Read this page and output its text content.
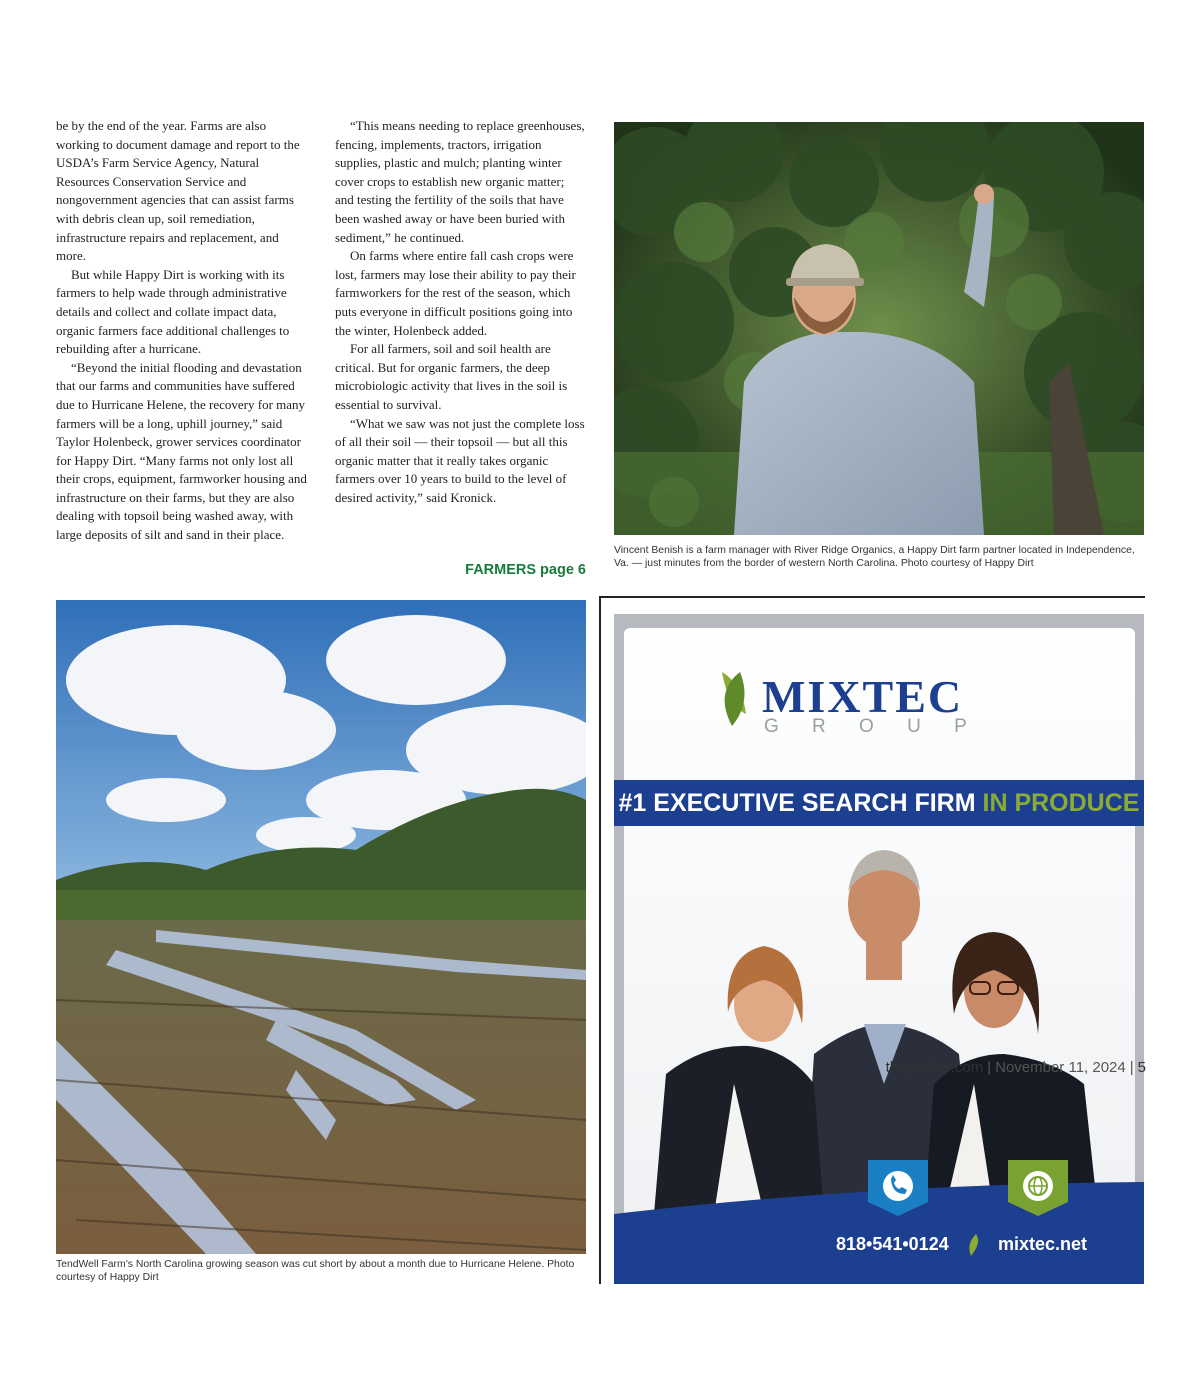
be by the end of the year. Farms are also working to document damage and report to the USDA’s Farm Service Agency, Natural Resources Conservation Service and nongovernment agencies that can assist farms with debris clean up, soil remediation, infrastructure repairs and replacement, and more.

But while Happy Dirt is working with its farmers to help wade through administrative details and collect and collate impact data, organic farmers face additional challenges to rebuilding after a hurricane.

“Beyond the initial flooding and devastation that our farms and communities have suffered due to Hurricane Helene, the recovery for many farmers will be a long, uphill journey,” said Taylor Holenbeck, grower services coordinator for Happy Dirt. “Many farms not only lost all their crops, equipment, farmworker housing and infrastructure on their farms, but they are also dealing with topsoil being washed away, with large deposits of silt and sand in their place.

“This means needing to replace greenhouses, fencing, implements, tractors, irrigation supplies, plastic and mulch; planting winter cover crops to establish new organic matter; and testing the fertility of the soils that have been washed away or have been buried with sediment,” he continued.

On farms where entire fall cash crops were lost, farmers may lose their ability to pay their farmworkers for the rest of the season, which puts everyone in difficult positions going into the winter, Holenbeck added.

For all farmers, soil and soil health are critical. But for organic farmers, the deep microbiologic activity that lives in the soil is essential to survival.

“What we saw was not just the complete loss of all their soil — their topsoil — but all this organic matter that it really takes organic farmers over 10 years to build to the level of desired activity,” said Kronick.

FARMERS page 6
Vincent Benish is a farm manager with River Ridge Organics, a Happy Dirt farm partner located in Independence, Va. — just minutes from the border of western North Carolina. Photo courtesy of Happy Dirt
TendWell Farm’s North Carolina growing season was cut short by about a month due to Hurricane Helene. Photo courtesy of Happy Dirt
MIXTEC
G R O U P
#1 EXECUTIVE SEARCH FIRM IN PRODUCE
818•541•0124	mixtec.net
thepacker.com | November 11, 2024 | 5
